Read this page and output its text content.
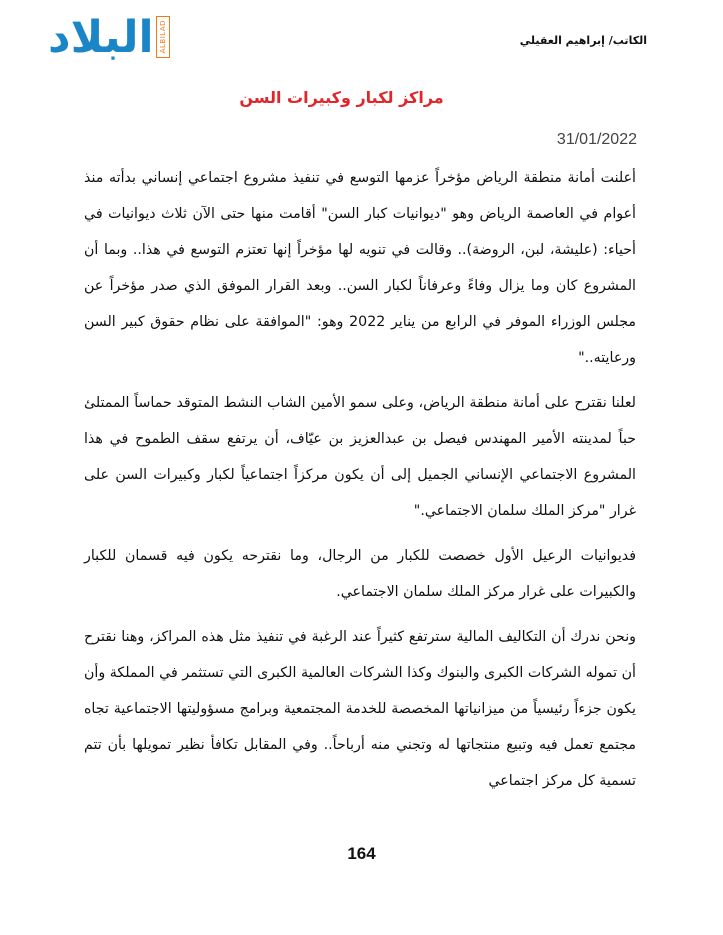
البلاد ALBILAD	الكاتب/ إبراهيم العقيلي
مراكز لكبار وكبيرات السن
31/01/2022

أعلنت أمانة منطقة الرياض مؤخراً عزمها التوسع في تنفيذ مشروع اجتماعي إنساني بدأته منذ أعوام في العاصمة الرياض وهو "ديوانيات كبار السن" أقامت منها حتى الآن ثلاث ديوانيات في أحياء: (عليشة، لبن، الروضة).. وقالت في تنويه لها مؤخراً إنها تعتزم التوسع في هذا.. وبما أن المشروع كان وما يزال وفاءً وعرفاناً لكبار السن.. وبعد القرار الموفق الذي صدر مؤخراً عن مجلس الوزراء الموفر في الرابع من يناير 2022 وهو: "الموافقة على نظام حقوق كبير السن ورعايته.."

لعلنا نقترح على أمانة منطقة الرياض، وعلى سمو الأمين الشاب النشط المتوقد حماساً الممتلئ حباً لمدينته الأمير المهندس فيصل بن عبدالعزيز بن عيّاف، أن يرتفع سقف الطموح في هذا المشروع الاجتماعي الإنساني الجميل إلى أن يكون مركزاً اجتماعياً لكبار وكبيرات السن على غرار "مركز الملك سلمان الاجتماعي."

فديوانيات الرعيل الأول خصصت للكبار من الرجال، وما نقترحه يكون فيه قسمان للكبار والكبيرات على غرار مركز الملك سلمان الاجتماعي.

ونحن ندرك أن التكاليف المالية سترتفع كثيراً عند الرغبة في تنفيذ مثل هذه المراكز، وهنا نقترح أن تموله الشركات الكبرى والبنوك وكذا الشركات العالمية الكبرى التي تستثمر في المملكة وأن يكون جزءاً رئيسياً من ميزانياتها المخصصة للخدمة المجتمعية وبرامج مسؤوليتها الاجتماعية تجاه مجتمع تعمل فيه وتبيع منتجاتها له وتجني منه أرباحاً.. وفي المقابل تكافأ نظير تمويلها بأن تتم تسمية كل مركز اجتماعي

164
